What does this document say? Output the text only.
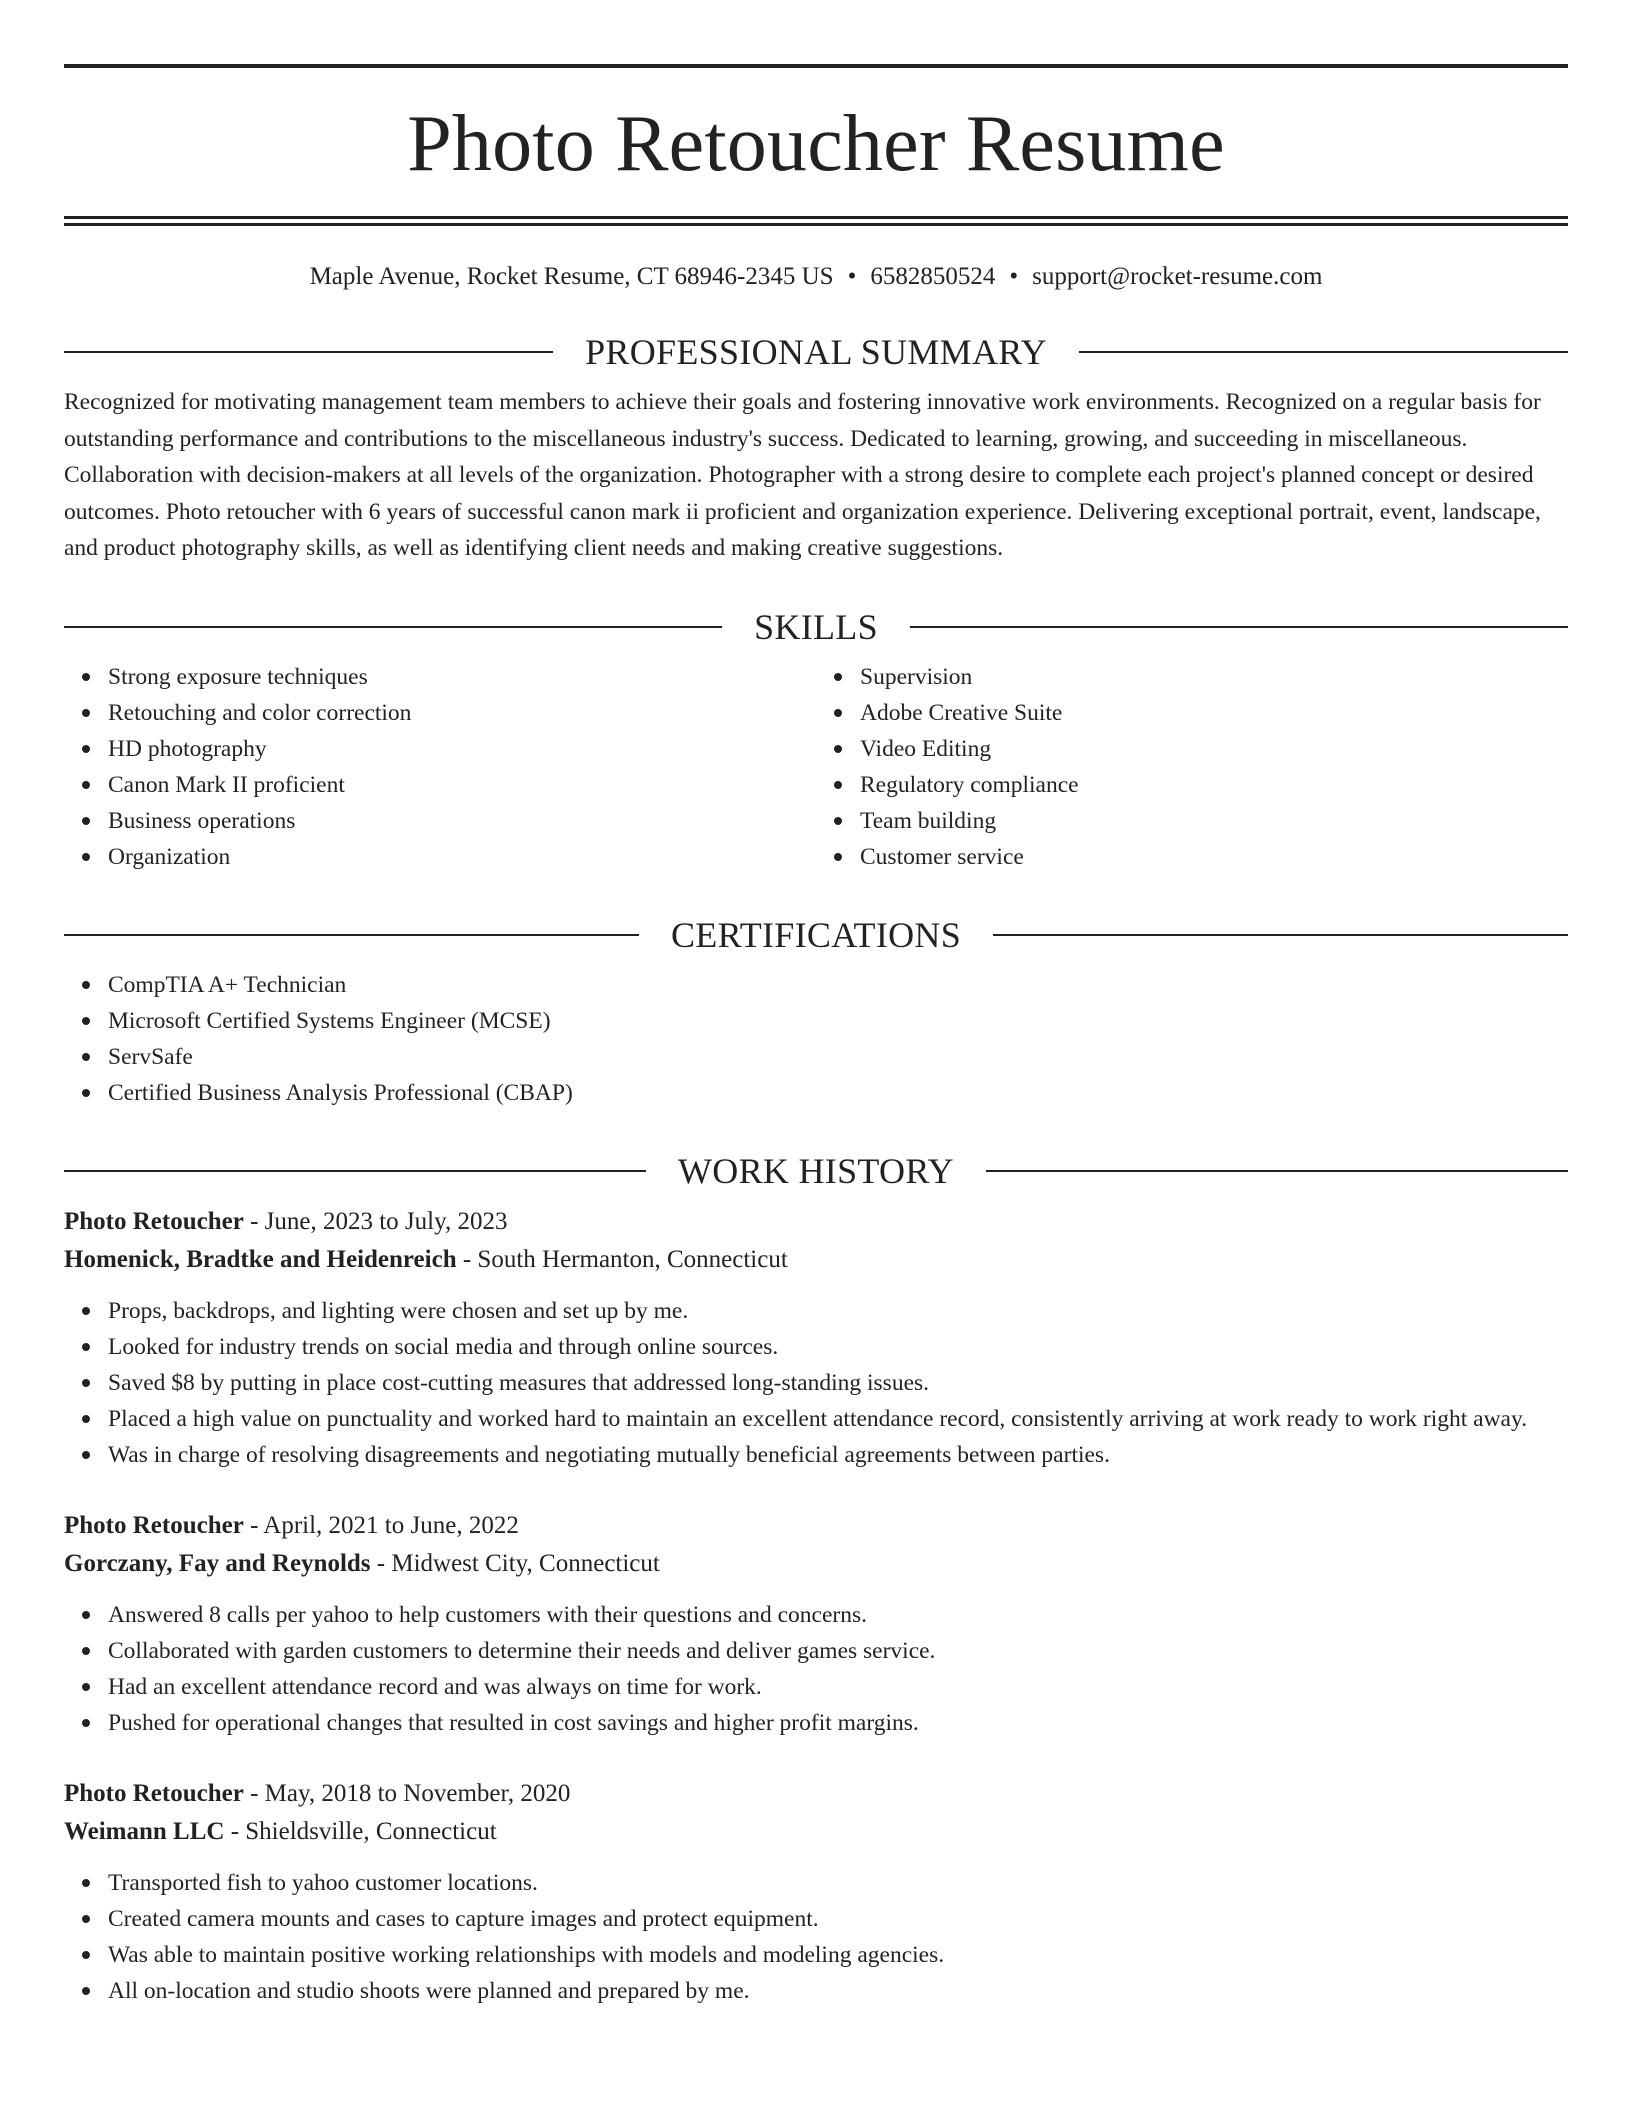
Photo Retoucher Resume
Maple Avenue, Rocket Resume, CT 68946-2345 US • 6582850524 • support@rocket-resume.com
PROFESSIONAL SUMMARY

Recognized for motivating management team members to achieve their goals and fostering innovative work environments. Recognized on a regular basis for outstanding performance and contributions to the miscellaneous industry's success. Dedicated to learning, growing, and succeeding in miscellaneous. Collaboration with decision-makers at all levels of the organization. Photographer with a strong desire to complete each project's planned concept or desired outcomes. Photo retoucher with 6 years of successful canon mark ii proficient and organization experience. Delivering exceptional portrait, event, landscape, and product photography skills, as well as identifying client needs and making creative suggestions.

SKILLS
Strong exposure techniques
Retouching and color correction
HD photography
Canon Mark II proficient
Business operations
Organization
Supervision
Adobe Creative Suite
Video Editing
Regulatory compliance
Team building
Customer service
CERTIFICATIONS
CompTIA A+ Technician
Microsoft Certified Systems Engineer (MCSE)
ServSafe
Certified Business Analysis Professional (CBAP)
WORK HISTORY
Photo Retoucher - June, 2023 to July, 2023
Homenick, Bradtke and Heidenreich - South Hermanton, Connecticut
Props, backdrops, and lighting were chosen and set up by me.
Looked for industry trends on social media and through online sources.
Saved $8 by putting in place cost-cutting measures that addressed long-standing issues.
Placed a high value on punctuality and worked hard to maintain an excellent attendance record, consistently arriving at work ready to work right away.
Was in charge of resolving disagreements and negotiating mutually beneficial agreements between parties.
Photo Retoucher - April, 2021 to June, 2022
Gorczany, Fay and Reynolds - Midwest City, Connecticut
Answered 8 calls per yahoo to help customers with their questions and concerns.
Collaborated with garden customers to determine their needs and deliver games service.
Had an excellent attendance record and was always on time for work.
Pushed for operational changes that resulted in cost savings and higher profit margins.
Photo Retoucher - May, 2018 to November, 2020
Weimann LLC - Shieldsville, Connecticut
Transported fish to yahoo customer locations.
Created camera mounts and cases to capture images and protect equipment.
Was able to maintain positive working relationships with models and modeling agencies.
All on-location and studio shoots were planned and prepared by me.
